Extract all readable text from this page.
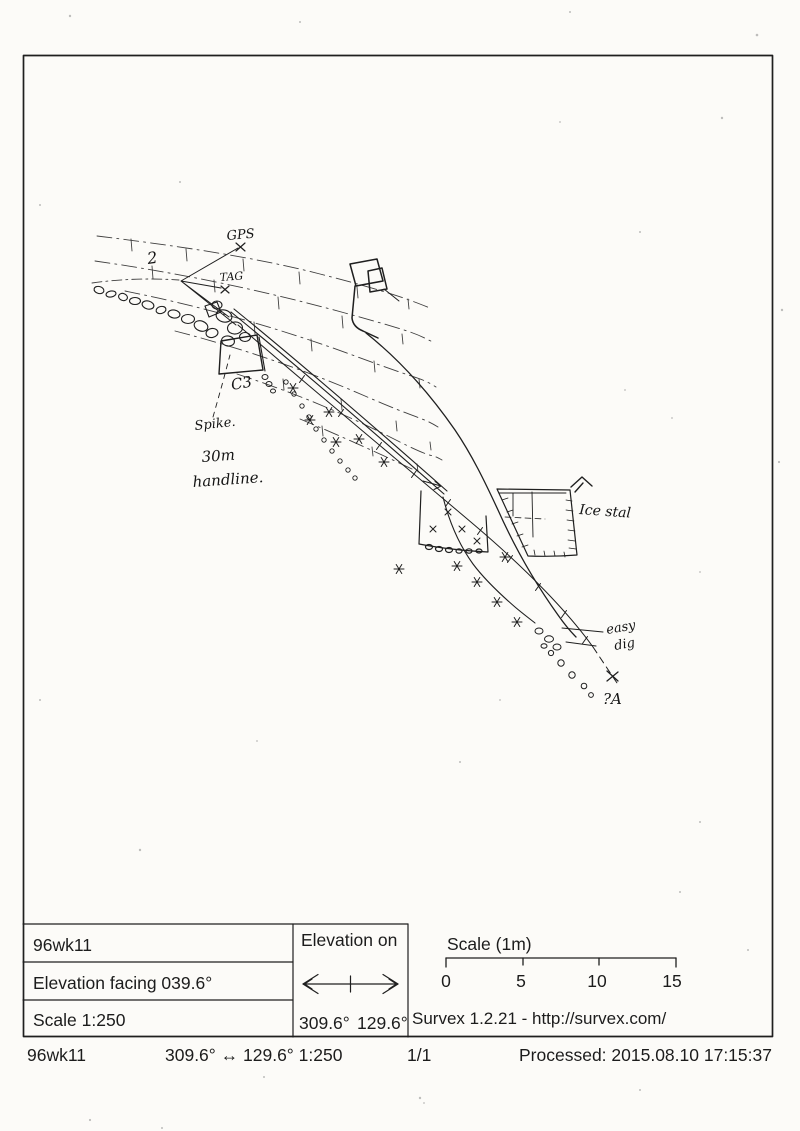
GPS
TAG
2
C3
Spike.
30m
handline.
Ice stal
easy
dig
?A
96wk11
Elevation facing 039.6°
Scale 1:250
Elevation on
309.6° 129.6°
Scale (1m)
0	5	10	15
Survex 1.2.21 - http://survex.com/
96wk11	309.6° ↔ 129.6° 1:250	1/1	Processed: 2015.08.10 17:15:37
